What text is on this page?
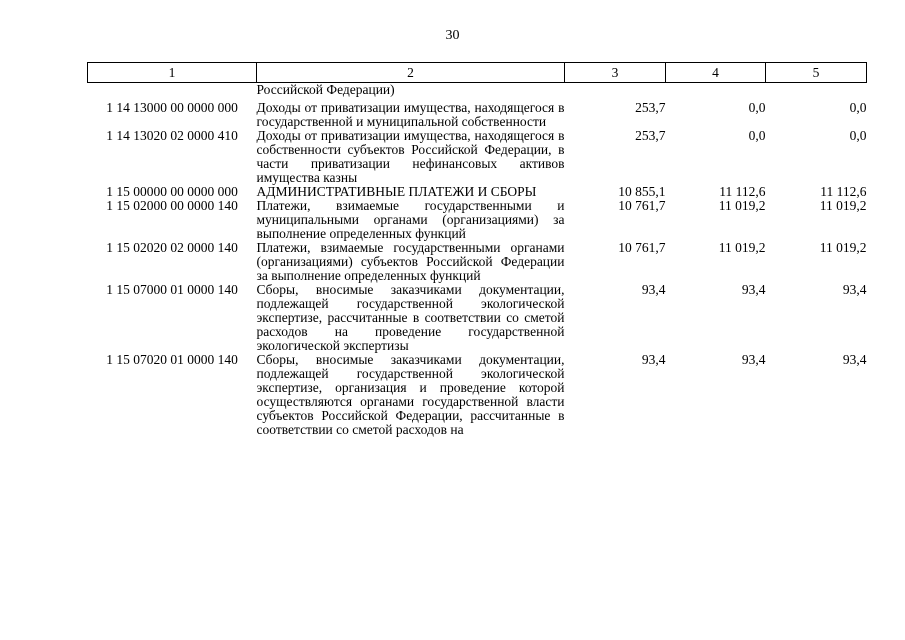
30
1	2	3	4	5
	Российской Федерации)			
1 14 13000 00 0000 000	Доходы от приватизации имущества, находящегося в государственной и муниципальной собственности	253,7	0,0	0,0
1 14 13020 02 0000 410	Доходы от приватизации имущества, находящегося в собственности субъектов Российской Федерации, в части приватизации нефинансовых активов имущества казны	253,7	0,0	0,0
1 15 00000 00 0000 000	АДМИНИСТРАТИВНЫЕ ПЛАТЕЖИ И СБОРЫ	10 855,1	11 112,6	11 112,6
1 15 02000 00 0000 140	Платежи, взимаемые государственными и муниципальными органами (организациями) за выполнение определенных функций	10 761,7	11 019,2	11 019,2
1 15 02020 02 0000 140	Платежи, взимаемые государственными органами (организациями) субъектов Российской Федерации за выполнение определенных функций	10 761,7	11 019,2	11 019,2
1 15 07000 01 0000 140	Сборы, вносимые заказчиками документации, подлежащей государственной экологической экспертизе, рассчитанные в соответствии со сметой расходов на проведение государственной экологической экспертизы	93,4	93,4	93,4
1 15 07020 01 0000 140	Сборы, вносимые заказчиками документации, подлежащей государственной экологической экспертизе, организация и проведение которой осуществляются органами государственной власти субъектов Российской Федерации, рассчитанные в соответствии со сметой расходов на	93,4	93,4	93,4
